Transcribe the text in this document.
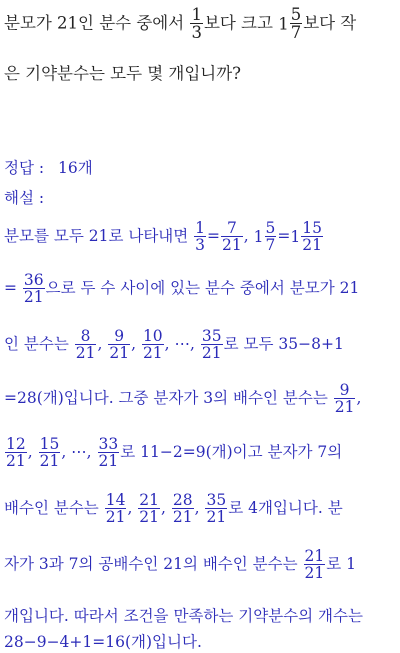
분모가 21인 분수 중에서 $\frac{1}{3}$ 보다 크고 $1 \frac{5}{7}$ 보다 작
은 기약분수는 모두 몇 개입니까?
정답 : 16개
해설 :
분모를 모두 21로 나타내면 $\frac{1}{3} = \frac{7}{21}$ , $1 \frac{5}{7} =1 \frac{15}{21}$
= $\frac{36}{21}$ 으로 두 수 사이에 있는 분수 중에서 분모가 21
인 분수는 $\frac{8}{21}$ , $\frac{9}{21}$ , $\frac{10}{21}$ , ⋯, $\frac{35}{21}$ 로 모두 35−8+1
=28(개)입니다. 그중 분자가 3의 배수인 분수는 $\frac{9}{21}$ ,
$\frac{12}{21}$ , $\frac{15}{21}$ , ⋯, $\frac{33}{21}$ 로 11−2=9(개)이고 분자가 7의
배수인 분수는 $\frac{14}{21}$ , $\frac{21}{21}$ , $\frac{28}{21}$ , $\frac{35}{21}$ 로 4개입니다. 분
자가 3과 7의 공배수인 21의 배수인 분수는 $\frac{21}{21}$ 로 1
개입니다. 따라서 조건을 만족하는 기약분수의 개수는
28−9−4+1=16(개)입니다.
